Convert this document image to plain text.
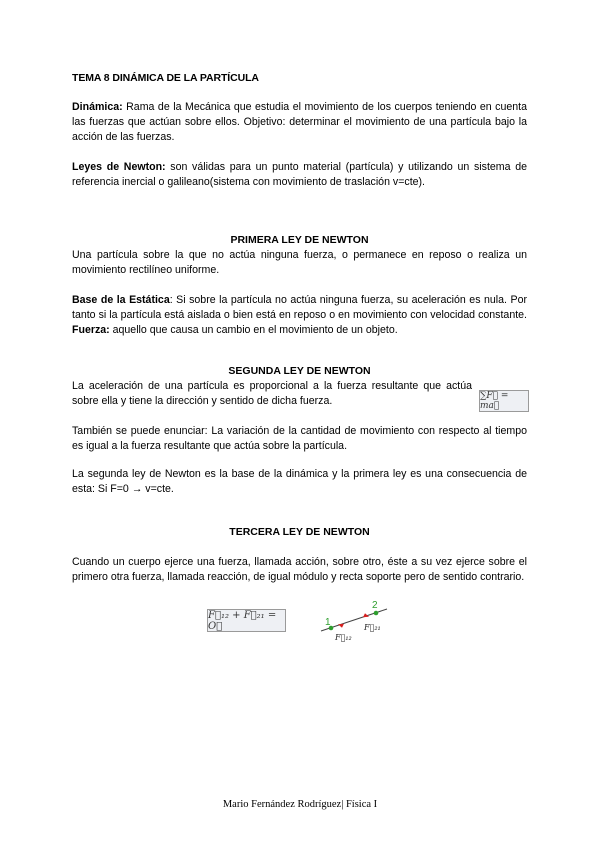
TEMA 8 DINÁMICA DE LA PARTÍCULA
Dinámica: Rama de la Mecánica que estudia el movimiento de los cuerpos teniendo en cuenta las fuerzas que actúan sobre ellos. Objetivo: determinar el movimiento de una partícula bajo la acción de las fuerzas.
Leyes de Newton: son válidas para un punto material (partícula) y utilizando un sistema de referencia inercial o galileano(sistema con movimiento de traslación v=cte).
PRIMERA LEY DE NEWTON
Una partícula sobre la que no actúa ninguna fuerza, o permanece en reposo o realiza un movimiento rectilíneo uniforme.
Base de la Estática: Si sobre la partícula no actúa ninguna fuerza, su aceleración es nula. Por tanto si la partícula está aislada o bien está en reposo o en movimiento con velocidad constante. Fuerza: aquello que causa un cambio en el movimiento de un objeto.
SEGUNDA LEY DE NEWTON
La aceleración de una partícula es proporcional a la fuerza resultante que actúa sobre ella y tiene la dirección y sentido de dicha fuerza.	∑F⃗ = ma⃗
También se puede enunciar: La variación de la cantidad de movimiento con respecto al tiempo es igual a la fuerza resultante que actúa sobre la partícula.
La segunda ley de Newton es la base de la dinámica y la primera ley es una consecuencia de esta: Si F=0 → v=cte.
TERCERA LEY DE NEWTON
Cuando un cuerpo ejerce una fuerza, llamada acción, sobre otro, éste a su vez ejerce sobre el primero otra fuerza, llamada reacción, de igual módulo y recta soporte pero de sentido contrario.
F⃗₁₂ + F⃗₂₁ = O⃗	1
2
F⃗₁₂
F⃗₂₁
Mario Fernández Rodríguez| Física I
